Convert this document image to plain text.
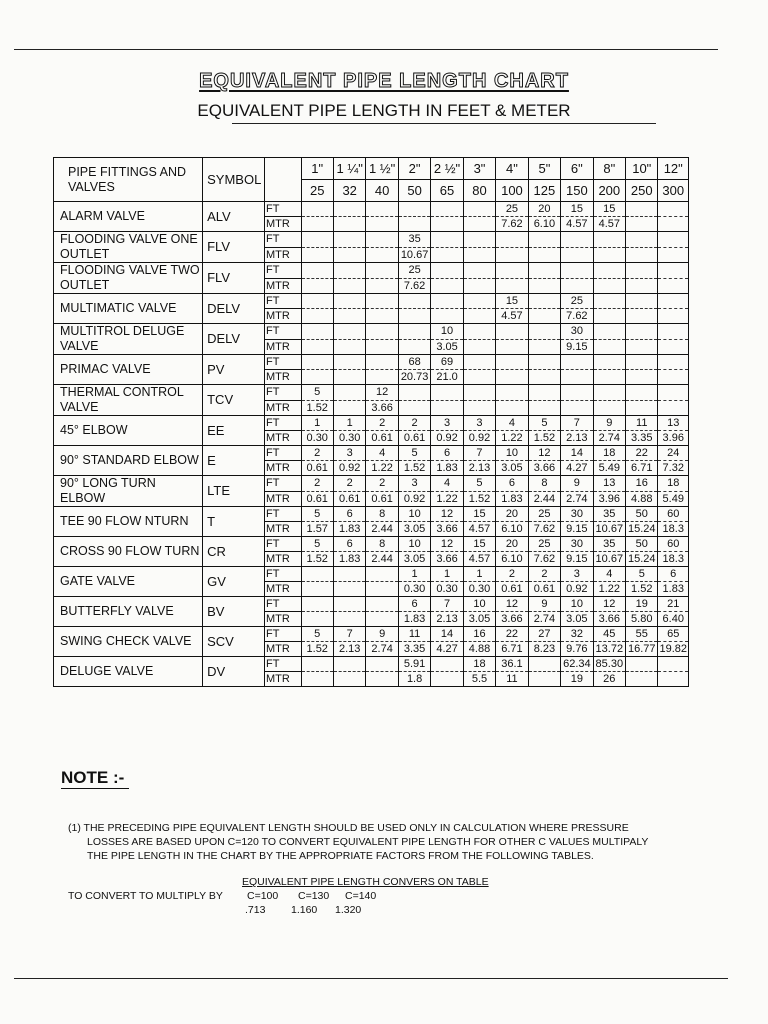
EQUIVALENT PIPE LENGTH CHART
EQUIVALENT PIPE LENGTH IN FEET & METER
PIPE FITTINGS AND VALVES	SYMBOL		1"	1 ¼"	1 ½"	2"	2 ½"	3"	4"	5"	6"	8"	10"	12"
			25	32	40	50	65	80	100	125	150	200	250	300
ALARM VALVE	ALV	FT							25	20	15	15		
		MTR							7.62	6.10	4.57	4.57		
FLOODING VALVE ONE OUTLET	FLV	FT				35								
		MTR				10.67								
FLOODING VALVE TWO OUTLET	FLV	FT				25								
		MTR				7.62								
MULTIMATIC VALVE	DELV	FT							15		25			
		MTR							4.57		7.62			
MULTITROL DELUGE VALVE	DELV	FT					10				30			
		MTR					3.05				9.15			
PRIMAC VALVE	PV	FT				68	69							
		MTR				20.73	21.0							
THERMAL CONTROL VALVE	TCV	FT	5		12									
		MTR	1.52		3.66									
45° ELBOW	EE	FT	1	1	2	2	3	3	4	5	7	9	11	13
		MTR	0.30	0.30	0.61	0.61	0.92	0.92	1.22	1.52	2.13	2.74	3.35	3.96
90° STANDARD ELBOW	E	FT	2	3	4	5	6	7	10	12	14	18	22	24
		MTR	0.61	0.92	1.22	1.52	1.83	2.13	3.05	3.66	4.27	5.49	6.71	7.32
90° LONG TURN ELBOW	LTE	FT	2	2	2	3	4	5	6	8	9	13	16	18
		MTR	0.61	0.61	0.61	0.92	1.22	1.52	1.83	2.44	2.74	3.96	4.88	5.49
TEE 90 FLOW NTURN	T	FT	5	6	8	10	12	15	20	25	30	35	50	60
		MTR	1.57	1.83	2.44	3.05	3.66	4.57	6.10	7.62	9.15	10.67	15.24	18.3
CROSS 90 FLOW TURN	CR	FT	5	6	8	10	12	15	20	25	30	35	50	60
		MTR	1.52	1.83	2.44	3.05	3.66	4.57	6.10	7.62	9.15	10.67	15.24	18.3
GATE VALVE	GV	FT				1	1	1	2	2	3	4	5	6
		MTR				0.30	0.30	0.30	0.61	0.61	0.92	1.22	1.52	1.83
BUTTERFLY VALVE	BV	FT				6	7	10	12	9	10	12	19	21
		MTR				1.83	2.13	3.05	3.66	2.74	3.05	3.66	5.80	6.40
SWING CHECK VALVE	SCV	FT	5	7	9	11	14	16	22	27	32	45	55	65
		MTR	1.52	2.13	2.74	3.35	4.27	4.88	6.71	8.23	9.76	13.72	16.77	19.82
DELUGE VALVE	DV	FT				5.91		18	36.1		62.34	85.30		
		MTR				1.8		5.5	11		19	26		
NOTE :-
(1) THE PRECEDING PIPE EQUIVALENT LENGTH SHOULD BE USED ONLY IN CALCULATION WHERE PRESSURE
LOSSES ARE BASED UPON C=120 TO CONVERT EQUIVALENT PIPE LENGTH FOR OTHER C VALUES MULTIPALY
THE PIPE LENGTH IN THE CHART BY THE APPROPRIATE FACTORS FROM THE FOLLOWING TABLES.
EQUIVALENT PIPE LENGTH CONVERS ON TABLE
TO CONVERT TO MULTIPLY BY C=100 C=130 C=140
.713 1.160 1.320
